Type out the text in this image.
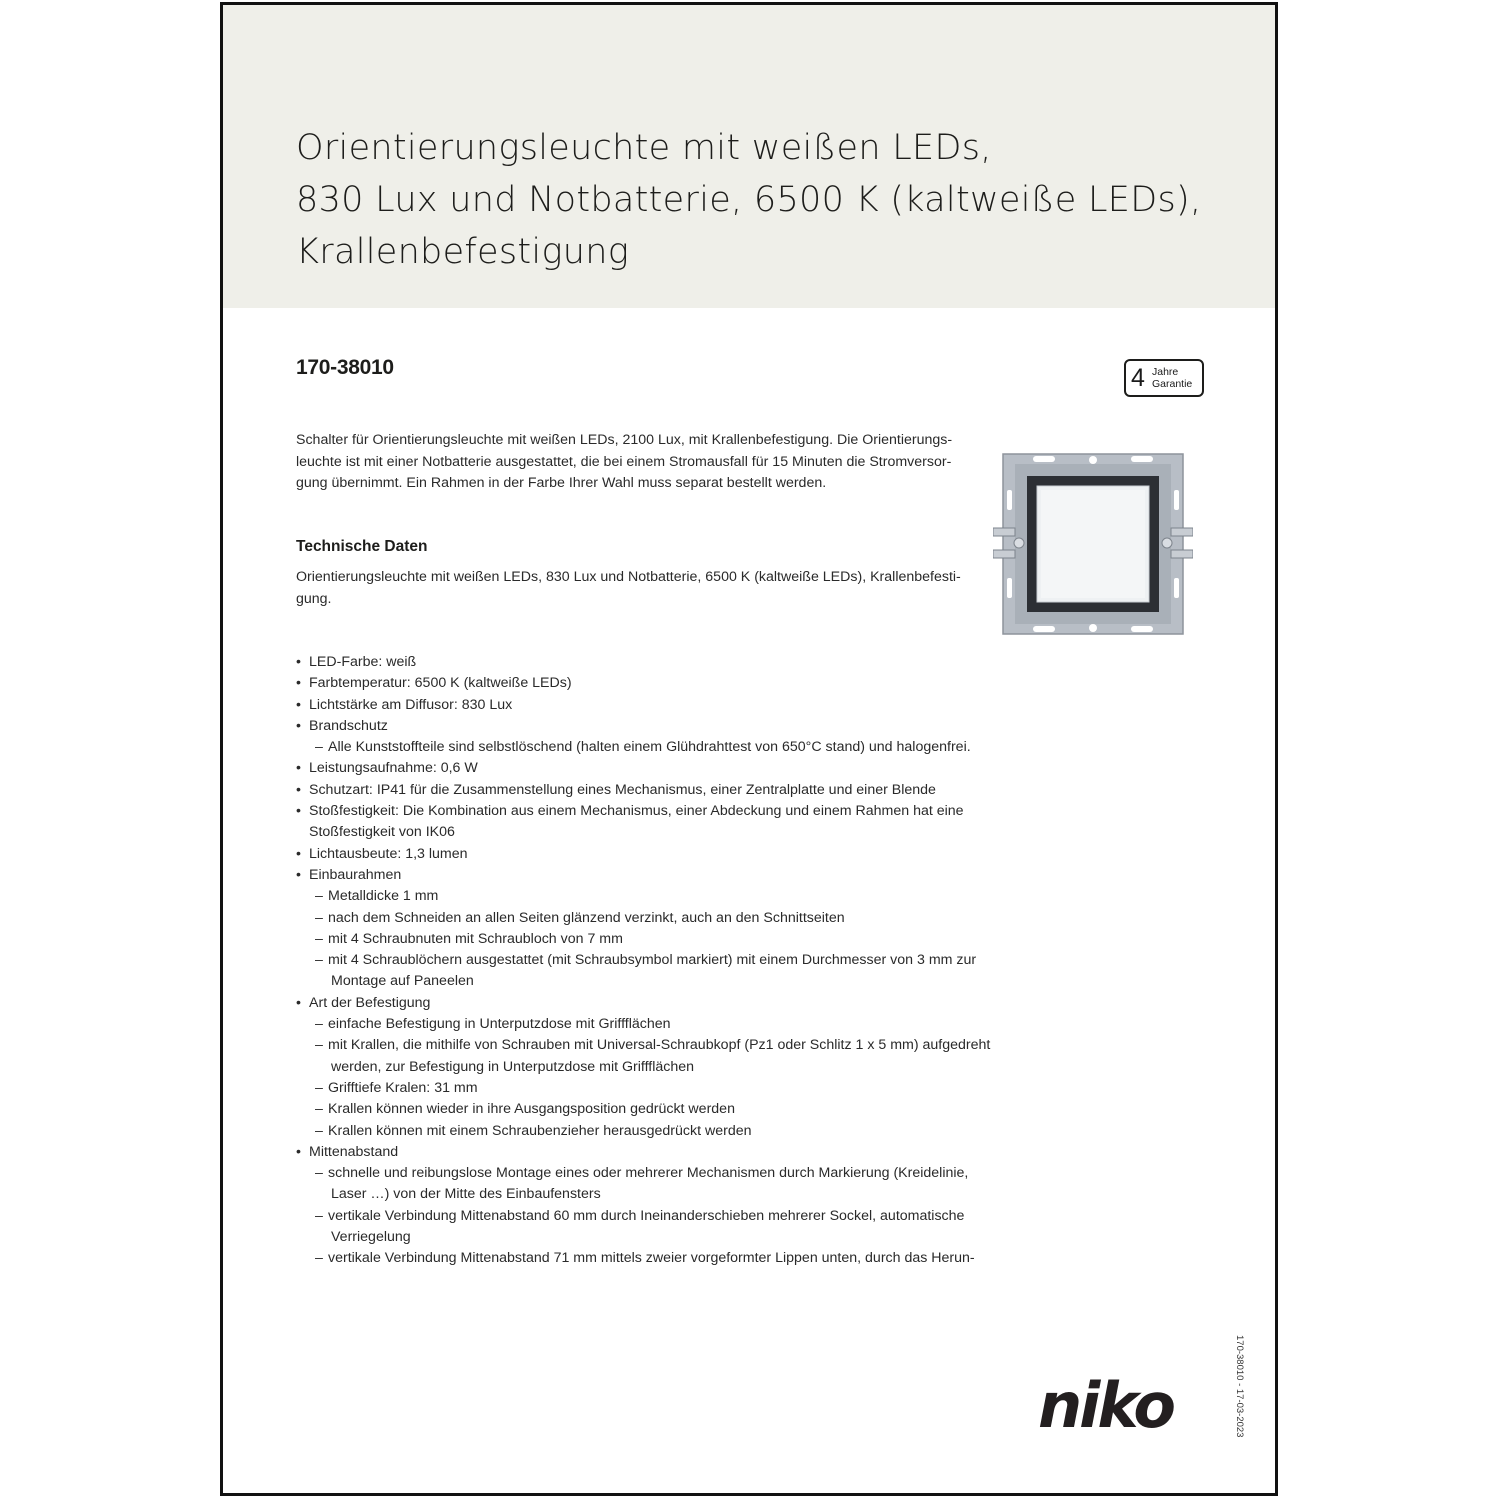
Orientierungsleuchte mit weißen LEDs,
830 Lux und Notbatterie, 6500 K (kaltweiße LEDs),
Krallenbefestigung
170-38010	4 Jahre
Garantie
Schalter für Orientierungsleuchte mit weißen LEDs, 2100 Lux, mit Krallenbefestigung. Die Orientierungs-
leuchte ist mit einer Notbatterie ausgestattet, die bei einem Stromausfall für 15 Minuten die Stromversor-
gung übernimmt. Ein Rahmen in der Farbe Ihrer Wahl muss separat bestellt werden.
Technische Daten
Orientierungsleuchte mit weißen LEDs, 830 Lux und Notbatterie, 6500 K (kaltweiße LEDs), Krallenbefesti-
gung.
• LED-Farbe: weiß
• Farbtemperatur: 6500 K (kaltweiße LEDs)
• Lichtstärke am Diffusor: 830 Lux
• Brandschutz
– Alle Kunststoffteile sind selbstlöschend (halten einem Glühdrahttest von 650°C stand) und halogenfrei.
• Leistungsaufnahme: 0,6 W
• Schutzart: IP41 für die Zusammenstellung eines Mechanismus, einer Zentralplatte und einer Blende
• Stoßfestigkeit: Die Kombination aus einem Mechanismus, einer Abdeckung und einem Rahmen hat eine
Stoßfestigkeit von IK06
• Lichtausbeute: 1,3 lumen
• Einbaurahmen
– Metalldicke 1 mm
– nach dem Schneiden an allen Seiten glänzend verzinkt, auch an den Schnittseiten
– mit 4 Schraubnuten mit Schraubloch von 7 mm
– mit 4 Schraublöchern ausgestattet (mit Schraubsymbol markiert) mit einem Durchmesser von 3 mm zur
Montage auf Paneelen
• Art der Befestigung
– einfache Befestigung in Unterputzdose mit Griffflächen
– mit Krallen, die mithilfe von Schrauben mit Universal-Schraubkopf (Pz1 oder Schlitz 1 x 5 mm) aufgedreht
werden, zur Befestigung in Unterputzdose mit Griffflächen
– Grifftiefe Kralen: 31 mm
– Krallen können wieder in ihre Ausgangsposition gedrückt werden
– Krallen können mit einem Schraubenzieher herausgedrückt werden
• Mittenabstand
– schnelle und reibungslose Montage eines oder mehrerer Mechanismen durch Markierung (Kreidelinie,
Laser …) von der Mitte des Einbaufensters
– vertikale Verbindung Mittenabstand 60 mm durch Ineinanderschieben mehrerer Sockel, automatische
Verriegelung
– vertikale Verbindung Mittenabstand 71 mm mittels zweier vorgeformter Lippen unten, durch das Herun-
170-38010 - 17-03-2023
niko
